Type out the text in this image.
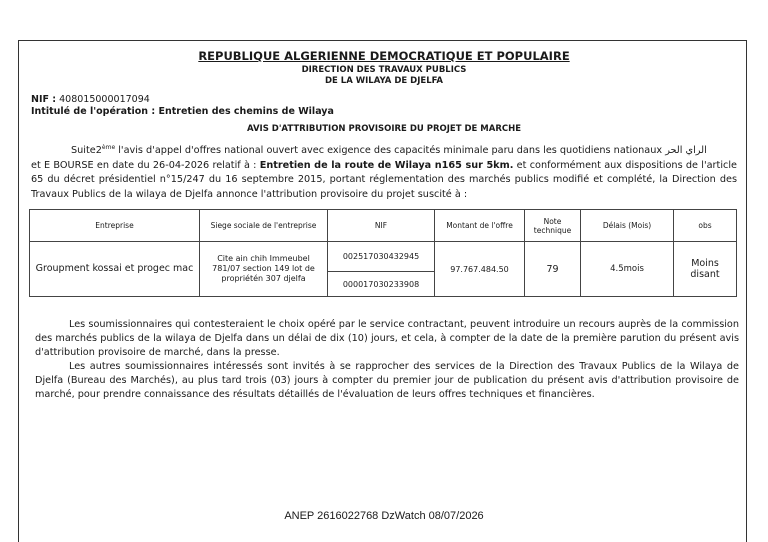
REPUBLIQUE ALGERIENNE DEMOCRATIQUE ET POPULAIRE
DIRECTION DES TRAVAUX PUBLICS
DE LA WILAYA DE DJELFA
NIF : 408015000017094
Intitulé de l'opération : Entretien des chemins de Wilaya
AVIS D'ATTRIBUTION PROVISOIRE DU PROJET DE MARCHE
Suite2ème l'avis d'appel d'offres national ouvert avec exigence des capacités minimale paru dans les quotidiens nationaux الراي الحر
et E BOURSE en date du 26-04-2026 relatif à : Entretien de la route de Wilaya n165 sur 5km. et conformément aux dispositions de l'article 65 du décret présidentiel n°15/247 du 16 septembre 2015, portant réglementation des marchés publics modifié et complété, la Direction des Travaux Publics de la wilaya de Djelfa annonce l'attribution provisoire du projet suscité à :
Entreprise	Siege sociale de l'entreprise	NIF	Montant de l'offre	Note technique	Délais (Mois)	obs
Groupment kossai et progec mac	Cite ain chih Immeubel 781/07 section 149 lot de propriétén 307 djelfa	002517030432945	97.767.484.50	79	4.5mois	Moins disant
		000017030233908				

Les soumissionnaires qui contesteraient le choix opéré par le service contractant, peuvent introduire un recours auprès de la commission des marchés publics de la wilaya de Djelfa dans un délai de dix (10) jours, et cela, à compter de la date de la première parution du présent avis d'attribution provisoire de marché, dans la presse.

Les autres soumissionnaires intéressés sont invités à se rapprocher des services de la Direction des Travaux Publics de la Wilaya de Djelfa (Bureau des Marchés), au plus tard trois (03) jours à compter du premier jour de publication du présent avis d'attribution provisoire de marché, pour prendre connaissance des résultats détaillés de l'évaluation de leurs offres techniques et financières.

ANEP 2616022768 DzWatch 08/07/2026
